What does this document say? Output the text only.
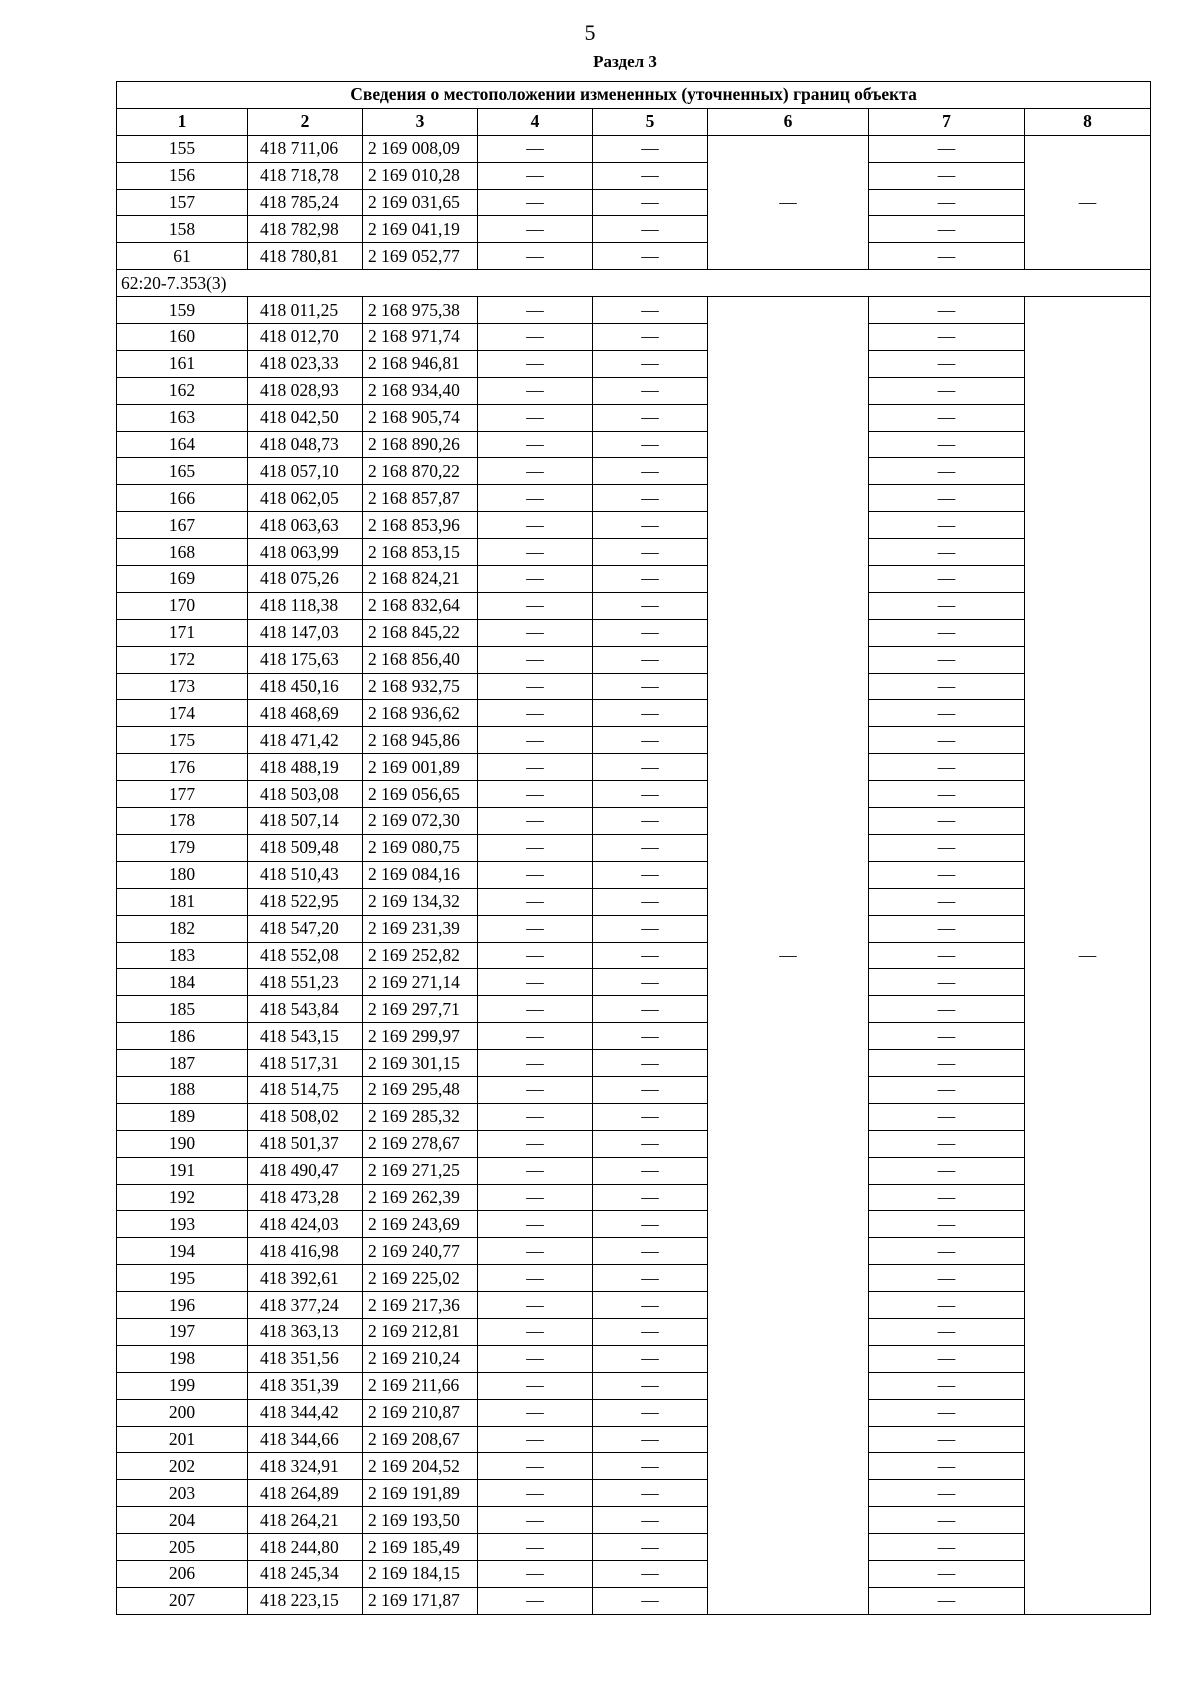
5
Раздел 3
Сведения о местоположении измененных (уточненных) границ объекта							
1	2	3	4	5	6	7	8
155	418 711,06	2 169 008,09	—	—	—	—	—
156	418 718,78	2 169 010,28	—	—		—	
157	418 785,24	2 169 031,65	—	—		—	
158	418 782,98	2 169 041,19	—	—		—	
61	418 780,81	2 169 052,77	—	—		—	
62:20-7.353(3)							
159	418 011,25	2 168 975,38	—	—	—	—	—
160	418 012,70	2 168 971,74	—	—		—	
161	418 023,33	2 168 946,81	—	—		—	
162	418 028,93	2 168 934,40	—	—		—	
163	418 042,50	2 168 905,74	—	—		—	
164	418 048,73	2 168 890,26	—	—		—	
165	418 057,10	2 168 870,22	—	—		—	
166	418 062,05	2 168 857,87	—	—		—	
167	418 063,63	2 168 853,96	—	—		—	
168	418 063,99	2 168 853,15	—	—		—	
169	418 075,26	2 168 824,21	—	—		—	
170	418 118,38	2 168 832,64	—	—		—	
171	418 147,03	2 168 845,22	—	—		—	
172	418 175,63	2 168 856,40	—	—		—	
173	418 450,16	2 168 932,75	—	—		—	
174	418 468,69	2 168 936,62	—	—		—	
175	418 471,42	2 168 945,86	—	—		—	
176	418 488,19	2 169 001,89	—	—		—	
177	418 503,08	2 169 056,65	—	—		—	
178	418 507,14	2 169 072,30	—	—		—	
179	418 509,48	2 169 080,75	—	—		—	
180	418 510,43	2 169 084,16	—	—		—	
181	418 522,95	2 169 134,32	—	—		—	
182	418 547,20	2 169 231,39	—	—		—	
183	418 552,08	2 169 252,82	—	—		—	
184	418 551,23	2 169 271,14	—	—		—	
185	418 543,84	2 169 297,71	—	—		—	
186	418 543,15	2 169 299,97	—	—		—	
187	418 517,31	2 169 301,15	—	—		—	
188	418 514,75	2 169 295,48	—	—		—	
189	418 508,02	2 169 285,32	—	—		—	
190	418 501,37	2 169 278,67	—	—		—	
191	418 490,47	2 169 271,25	—	—		—	
192	418 473,28	2 169 262,39	—	—		—	
193	418 424,03	2 169 243,69	—	—		—	
194	418 416,98	2 169 240,77	—	—		—	
195	418 392,61	2 169 225,02	—	—		—	
196	418 377,24	2 169 217,36	—	—		—	
197	418 363,13	2 169 212,81	—	—		—	
198	418 351,56	2 169 210,24	—	—		—	
199	418 351,39	2 169 211,66	—	—		—	
200	418 344,42	2 169 210,87	—	—		—	
201	418 344,66	2 169 208,67	—	—		—	
202	418 324,91	2 169 204,52	—	—		—	
203	418 264,89	2 169 191,89	—	—		—	
204	418 264,21	2 169 193,50	—	—		—	
205	418 244,80	2 169 185,49	—	—		—	
206	418 245,34	2 169 184,15	—	—		—	
207	418 223,15	2 169 171,87	—	—		—	
